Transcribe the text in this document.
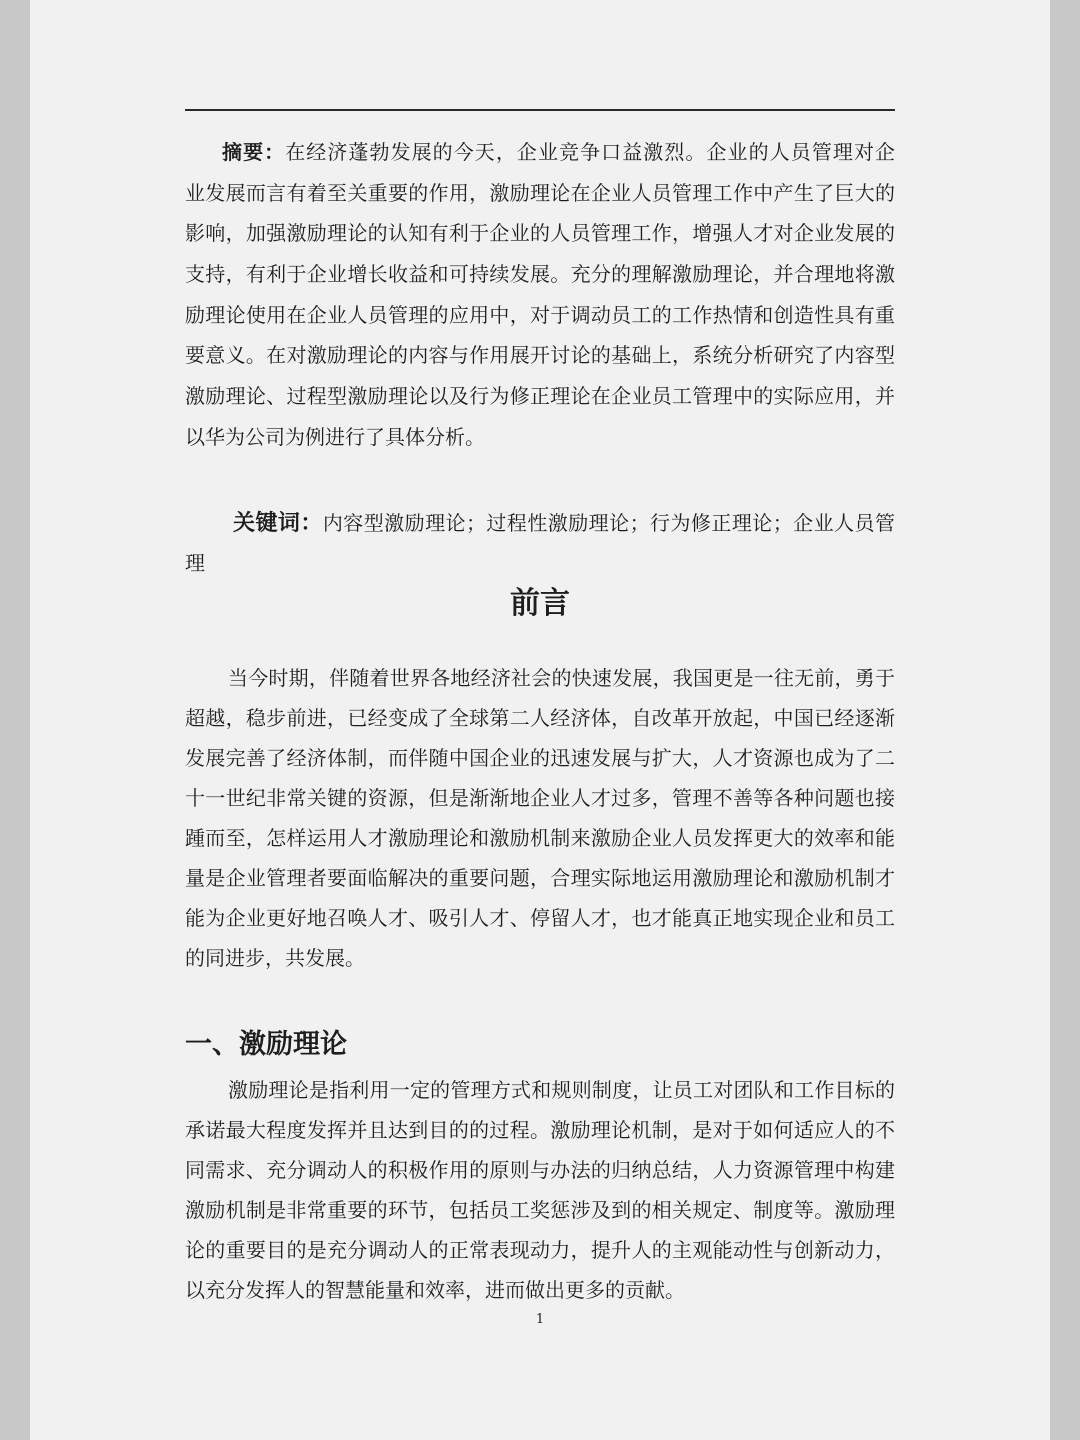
摘要：在经济蓬勃发展的今天，企业竞争口益激烈。企业的人员管理对企
业发展而言有着至关重要的作用，激励理论在企业人员管理工作中产生了巨大的
影响，加强激励理论的认知有利于企业的人员管理工作，增强人才对企业发展的
支持，有利于企业增长收益和可持续发展。充分的理解激励理论，并合理地将激
励理论使用在企业人员管理的应用中，对于调动员工的工作热情和创造性具有重
要意义。在对激励理论的内容与作用展开讨论的基础上，系统分析研究了内容型
激励理论、过程型激励理论以及行为修正理论在企业员工管理中的实际应用，并
以华为公司为例进行了具体分析。
关键词：内容型激励理论；过程性激励理论；行为修正理论；企业人员管
理
前言
当今时期，伴随着世界各地经济社会的快速发展，我国更是一往无前，勇于
超越，稳步前进，已经变成了全球第二人经济体，自改革开放起，中国已经逐渐
发展完善了经济体制，而伴随中国企业的迅速发展与扩大，人才资源也成为了二
十一世纪非常关键的资源，但是渐渐地企业人才过多，管理不善等各种问题也接
踵而至，怎样运用人才激励理论和激励机制来激励企业人员发挥更大的效率和能
量是企业管理者要面临解决的重要问题，合理实际地运用激励理论和激励机制才
能为企业更好地召唤人才、吸引人才、停留人才，也才能真正地实现企业和员工
的同进步，共发展。
一、激励理论
激励理论是指利用一定的管理方式和规则制度，让员工对团队和工作目标的
承诺最大程度发挥并且达到目的的过程。激励理论机制，是对于如何适应人的不
同需求、充分调动人的积极作用的原则与办法的归纳总结，人力资源管理中构建
激励机制是非常重要的环节，包括员工奖惩涉及到的相关规定、制度等。激励理
论的重要目的是充分调动人的正常表现动力，提升人的主观能动性与创新动力，
以充分发挥人的智慧能量和效率，进而做出更多的贡献。
1
